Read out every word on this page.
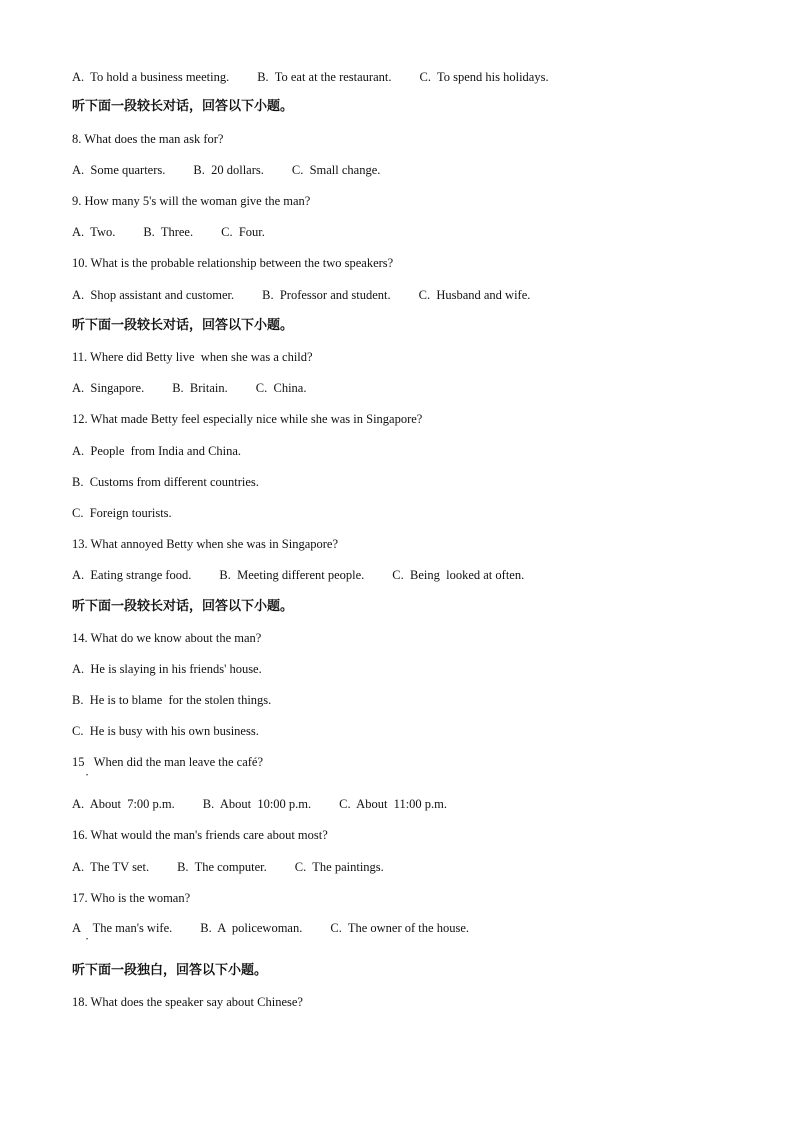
A.  To hold a business meeting. B.  To eat at the restaurant. C.  To spend his holidays.
听下面一段较长对话，回答以下小题。
8. What does the man ask for?
A.  Some quarters. B.  20 dollars. C.  Small change.
9. How many 5's will the woman give the man?
A.  Two. B.  Three. C.  Four.
10. What is the probable relationship between the two speakers?
A.  Shop assistant and customer. B.  Professor and student. C.  Husband and wife.
听下面一段较长对话，回答以下小题。
11. Where did Betty live  when she was a child?
A.  Singapore. B.  Britain. C.  China.
12. What made Betty feel especially nice while she was in Singapore?
A.  People  from India and China.
B.  Customs from different countries.
C.  Foreign tourists.
13. What annoyed Betty when she was in Singapore?
A.  Eating strange food. B.  Meeting different people. C.  Being  looked at often.
听下面一段较长对话，回答以下小题。
14. What do we know about the man?
A.  He is slaying in his friends' house.
B.  He is to blame  for the stolen things.
C.  He is busy with his own business.
15   When did the man leave the café?
•
A.  About  7:00 p.m. B.  About  10:00 p.m. C.  About  11:00 p.m.
16. What would the man's friends care about most?
A.  The TV set. B.  The computer. C.  The paintings.
17. Who is the woman?
A    The man's wife. B.  A  policewoman. C.  The owner of the house.
•
听下面一段独白，回答以下小题。
18. What does the speaker say about Chinese?
